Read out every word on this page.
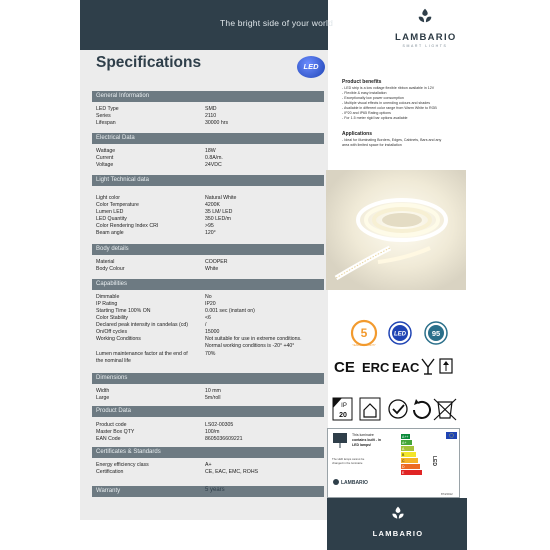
The bright side of your world
LAMBARIO
SMART LIGHTS
Specifications	LED
General Information
LED Type	SMD
Series	2110
Lifespan	30000 hrs
Electrical Data
Wattage	18W
Current	0.8A/m.
Voltage	24VDC
Light Technical data
Light color	Natural White
Color Temperature	4200K
Lumen LED	35 LM/ LED
LED Quantity	350 LED/m
Color Rendering Index CRI	>95
Beam angle	120°
Body details
Material	COOPER
Body Colour	White
Capabilities
Dimmable	No
IP Rating	IP20
Starting Time 100% ON	0.001 sec (instant on)
Color Stability	<6
Declared peak intensity in candelas (cd)	/
On/Off cycles	15000
Working Conditions	Not suitable for use in extreme conditions.
Normal working conditions is -20° +40°
Lumen maintenance factor at the end of	70%
the nominal life
Dimensions
Width	10 mm
Large	5m/roll
Product Data
Product code	LS02-00305
Master Box QTY	100/m
EAN Code	8605036609221
Certificates & Standards
Energy efficiency class	A+
Certification	CE, EAC, EMC, ROHS
Warranty	5 years
Product benefits
- LED strip is a low voltage flexible ribbon available in 12V
- Flexible & easy installation
- Exceptionally low power consumption
- Multiple visual effects in unending colours and shades
- Available in different color range from Warm White to RGB
- IP20 and IP65 Rating options
- For 1.5 meter rigid bar options available
Applications
- Ideal for illuminating Borders, Edges, Cabinets, Bars and any
area with limited space for installation
5
YEARS WARRANTY
LED	95
CE ERC EAC
IP
20
This luminaire
contains built - in
LED lamps!
The LED lamps cannot be
changed in the luminaire
LAMBARIO
A++
A+
A
B
C
D
E
LED
874/2012
LAMBARIO
